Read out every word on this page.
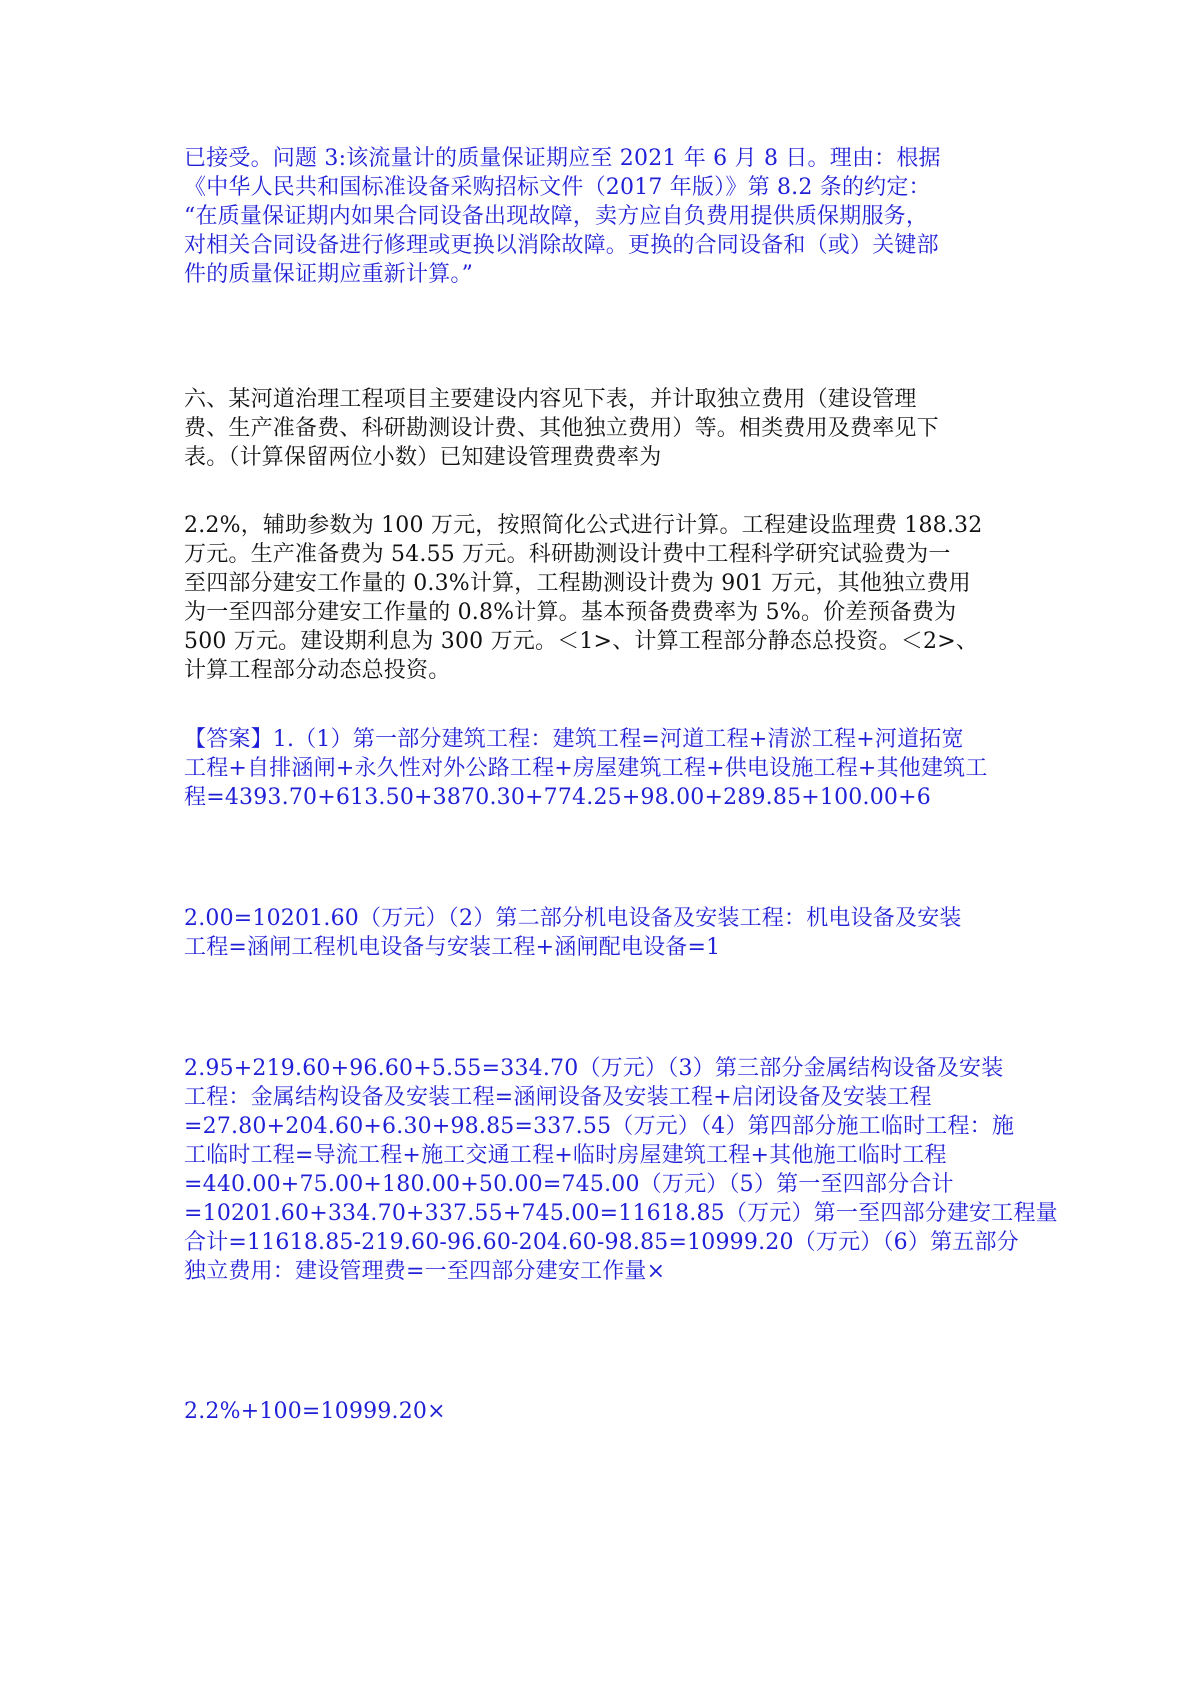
已接受。问题 3:该流量计的质量保证期应至 2021 年 6 月 8 日。理由：根据
《中华人民共和国标准设备采购招标文件（2017 年版）》第 8.2 条的约定：
“在质量保证期内如果合同设备出现故障，卖方应自负费用提供质保期服务，
对相关合同设备进行修理或更换以消除故障。更换的合同设备和（或）关键部
件的质量保证期应重新计算。”
六、某河道治理工程项目主要建设内容见下表，并计取独立费用（建设管理
费、生产准备费、科研勘测设计费、其他独立费用）等。相类费用及费率见下
表。（计算保留两位小数）已知建设管理费费率为
2.2%，辅助参数为 100 万元，按照简化公式进行计算。工程建设监理费 188.32
万元。生产准备费为 54.55 万元。科研勘测设计费中工程科学研究试验费为一
至四部分建安工作量的 0.3%计算，工程勘测设计费为 901 万元，其他独立费用
为一至四部分建安工作量的 0.8%计算。基本预备费费率为 5%。价差预备费为
500 万元。建设期利息为 300 万元。＜1>、计算工程部分静态总投资。＜2>、
计算工程部分动态总投资。
【答案】1.（1）第一部分建筑工程：建筑工程=河道工程+清淤工程+河道拓宽
工程+自排涵闸+永久性对外公路工程+房屋建筑工程+供电设施工程+其他建筑工
程=4393.70+613.50+3870.30+774.25+98.00+289.85+100.00+6
2.00=10201.60（万元）（2）第二部分机电设备及安装工程：机电设备及安装
工程=涵闸工程机电设备与安装工程+涵闸配电设备=1
2.95+219.60+96.60+5.55=334.70（万元）（3）第三部分金属结构设备及安装
工程：金属结构设备及安装工程=涵闸设备及安装工程+启闭设备及安装工程
=27.80+204.60+6.30+98.85=337.55（万元）（4）第四部分施工临时工程：施
工临时工程=导流工程+施工交通工程+临时房屋建筑工程+其他施工临时工程
=440.00+75.00+180.00+50.00=745.00（万元）（5）第一至四部分合计
=10201.60+334.70+337.55+745.00=11618.85（万元）第一至四部分建安工程量
合计=11618.85-219.60-96.60-204.60-98.85=10999.20（万元）（6）第五部分
独立费用：建设管理费=一至四部分建安工作量×
2.2%+100=10999.20×
